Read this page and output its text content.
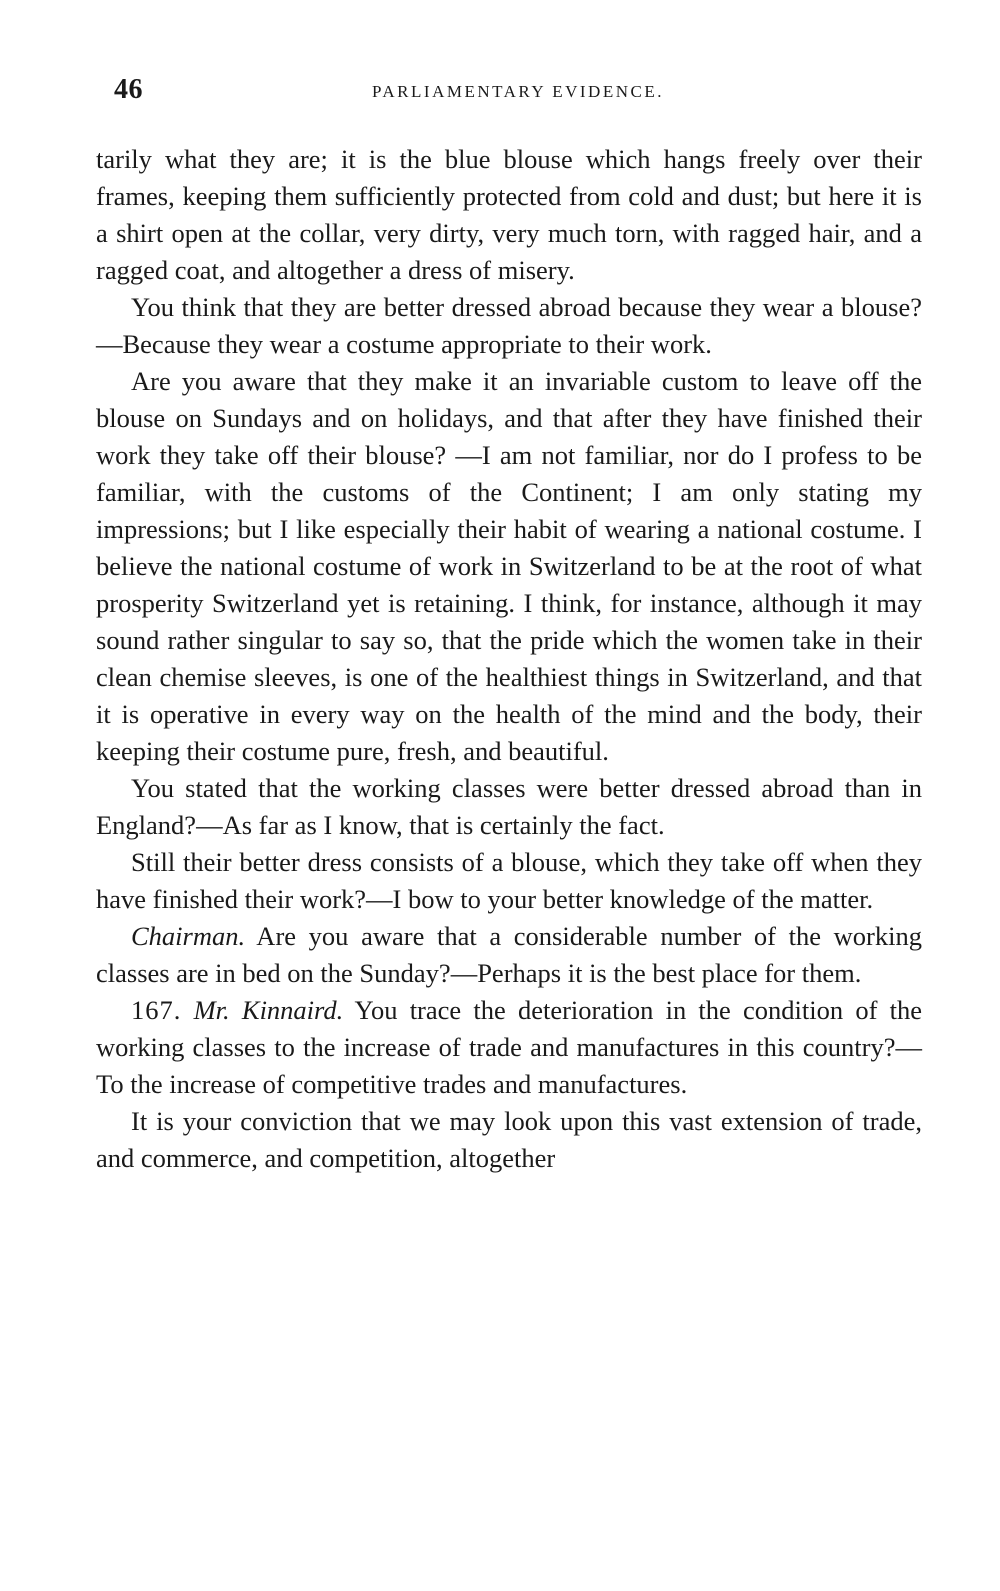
46	PARLIAMENTARY EVIDENCE.

tarily what they are; it is the blue blouse which hangs freely over their frames, keeping them sufficiently protected from cold and dust; but here it is a shirt open at the collar, very dirty, very much torn, with ragged hair, and a ragged coat, and altogether a dress of misery.

You think that they are better dressed abroad because they wear a blouse?—Because they wear a costume appropriate to their work.

Are you aware that they make it an invariable custom to leave off the blouse on Sundays and on holidays, and that after they have finished their work they take off their blouse? —I am not familiar, nor do I profess to be familiar, with the customs of the Continent; I am only stating my impressions; but I like especially their habit of wearing a national costume. I believe the national costume of work in Switzerland to be at the root of what prosperity Switzerland yet is retaining. I think, for instance, although it may sound rather singular to say so, that the pride which the women take in their clean chemise sleeves, is one of the healthiest things in Switzerland, and that it is operative in every way on the health of the mind and the body, their keeping their costume pure, fresh, and beautiful.

You stated that the working classes were better dressed abroad than in England?—As far as I know, that is certainly the fact.

Still their better dress consists of a blouse, which they take off when they have finished their work?—I bow to your better knowledge of the matter.

Chairman. Are you aware that a considerable number of the working classes are in bed on the Sunday?—Perhaps it is the best place for them.

167. Mr. Kinnaird. You trace the deterioration in the condition of the working classes to the increase of trade and manufactures in this country?—To the increase of competitive trades and manufactures.

It is your conviction that we may look upon this vast extension of trade, and commerce, and competition, altogether
